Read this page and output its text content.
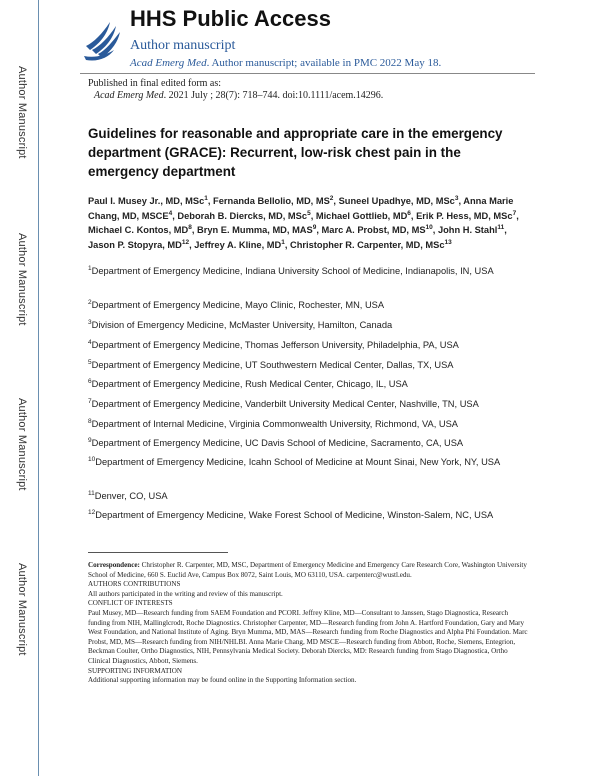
Author Manuscript
Author Manuscript
Author Manuscript
Author Manuscript
HHS Public Access
Author manuscript
Acad Emerg Med. Author manuscript; available in PMC 2022 May 18.
Published in final edited form as:
Acad Emerg Med. 2021 July ; 28(7): 718–744. doi:10.1111/acem.14296.
Guidelines for reasonable and appropriate care in the emergency department (GRACE): Recurrent, low-risk chest pain in the emergency department
Paul I. Musey Jr., MD, MSc$^1$, Fernanda Bellolio, MD, $MS^2$, Suneel Upadhye, MD, MSc$^3$, Anna Marie Chang, MD, MSCE$^4$, Deborah B. Diercks, MD, MSc$^5$, Michael Gottlieb, $MD^6$, Erik P. Hess, MD, MSc$^7$, Michael C. Kontos, $MD^8$, Bryn E. Mumma, MD, MAS$^9$, Marc A. Probst, MD, MS$^{10}$, John H. Stahl$^{11}$, Jason P. Stopyra, MD$^{12}$, Jeffrey A. Kline, $MD^1$, Christopher R. Carpenter, MD, MSc$^{13}$
$^1$Department of Emergency Medicine, Indiana University School of Medicine, Indianapolis, IN, USA
$^2$Department of Emergency Medicine, Mayo Clinic, Rochester, MN, USA
$^3$Division of Emergency Medicine, McMaster University, Hamilton, Canada
$^4$Department of Emergency Medicine, Thomas Jefferson University, Philadelphia, PA, USA
$^5$Department of Emergency Medicine, UT Southwestern Medical Center, Dallas, TX, USA
$^6$Department of Emergency Medicine, Rush Medical Center, Chicago, IL, USA
$^7$Department of Emergency Medicine, Vanderbilt University Medical Center, Nashville, TN, USA
$^8$Department of Internal Medicine, Virginia Commonwealth University, Richmond, VA, USA
$^9$Department of Emergency Medicine, UC Davis School of Medicine, Sacramento, CA, USA
$^{10}$Department of Emergency Medicine, Icahn School of Medicine at Mount Sinai, New York, NY, USA
$^{11}$Denver, CO, USA
$^{12}$Department of Emergency Medicine, Wake Forest School of Medicine, Winston-Salem, NC, USA

Correspondence: Christopher R. Carpenter, MD, MSC, Department of Emergency Medicine and Emergency Care Research Core, Washington University School of Medicine, 660 S. Euclid Ave, Campus Box 8072, Saint Louis, MO 63110, USA. carpenterc@wustl.edu.

AUTHORS CONTRIBUTIONS

All authors participated in the writing and review of this manuscript.

CONFLICT OF INTERESTS

Paul Musey, MD—Research funding from SAEM Foundation and PCORI. Jeffrey Kline, MD—Consultant to Janssen, Stago Diagnostica, Research funding from NIH, Mallinglcrodt, Roche Diagnostics. Christopher Carpenter, MD—Research funding from John A. Hartford Foundation, Gary and Mary West Foundation, and National Institute of Aging. Bryn Mumma, MD, MAS—Research funding from Roche Diagnostics and Alpha Phi Foundation. Marc Probst, MD, MS—Research funding from NIH/NHLBI. Anna Marie Chang, MD MSCE—Research funding from Abbott, Roche, Siemens, Entegrion, Beckman Coulter, Ortho Diagnostics, NIH, Pennsylvania Medical Society. Deborah Diercks, MD: Research funding from Stago Diagnostica, Ortho Clinical Diagnostics, Abbott, Siemens.

SUPPORTING INFORMATION

Additional supporting information may be found online in the Supporting Information section.
